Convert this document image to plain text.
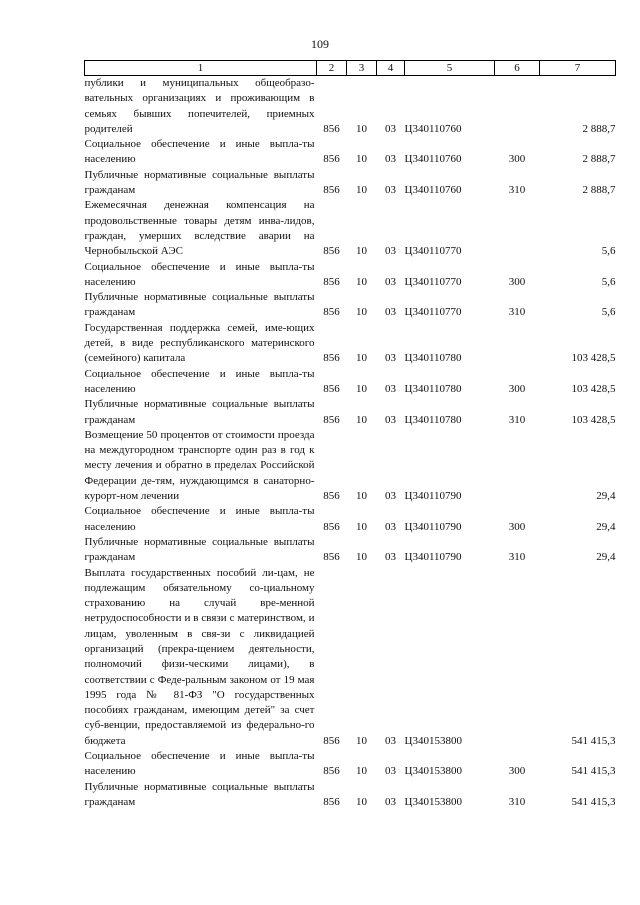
109
1	2	3	4	5	6	7
публики и муниципальных общеобразо-вательных организациях и проживающим в семьях бывших попечителей, приемных родителей	856	10	03	Ц340110760		2 888,7
Социальное обеспечение и иные выпла-ты населению	856	10	03	Ц340110760	300	2 888,7
Публичные нормативные социальные выплаты гражданам	856	10	03	Ц340110760	310	2 888,7
Ежемесячная денежная компенсация на продовольственные товары детям инва-лидов, граждан, умерших вследствие аварии на Чернобыльской АЭС	856	10	03	Ц340110770		5,6
Социальное обеспечение и иные выпла-ты населению	856	10	03	Ц340110770	300	5,6
Публичные нормативные социальные выплаты гражданам	856	10	03	Ц340110770	310	5,6
Государственная поддержка семей, име-ющих детей, в виде республиканского материнского (семейного) капитала	856	10	03	Ц340110780		103 428,5
Социальное обеспечение и иные выпла-ты населению	856	10	03	Ц340110780	300	103 428,5
Публичные нормативные социальные выплаты гражданам	856	10	03	Ц340110780	310	103 428,5
Возмещение 50 процентов от стоимости проезда на междугородном транспорте один раз в год к месту лечения и обратно в пределах Российской Федерации де-тям, нуждающимся в санаторно-курорт-ном лечении	856	10	03	Ц340110790		29,4
Социальное обеспечение и иные выпла-ты населению	856	10	03	Ц340110790	300	29,4
Публичные нормативные социальные выплаты гражданам	856	10	03	Ц340110790	310	29,4
Выплата государственных пособий ли-цам, не подлежащим обязательному со-циальному страхованию на случай вре-менной нетрудоспособности и в связи с материнством, и лицам, уволенным в свя-зи с ликвидацией организаций (прекра-щением деятельности, полномочий физи-ческими лицами), в соответствии с Феде-ральным законом от 19 мая 1995 года № 81-ФЗ "О государственных пособиях гражданам, имеющим детей" за счет суб-венции, предоставляемой из федерально-го бюджета	856	10	03	Ц340153800		541 415,3
Социальное обеспечение и иные выпла-ты населению	856	10	03	Ц340153800	300	541 415,3
Публичные нормативные социальные выплаты гражданам	856	10	03	Ц340153800	310	541 415,3
